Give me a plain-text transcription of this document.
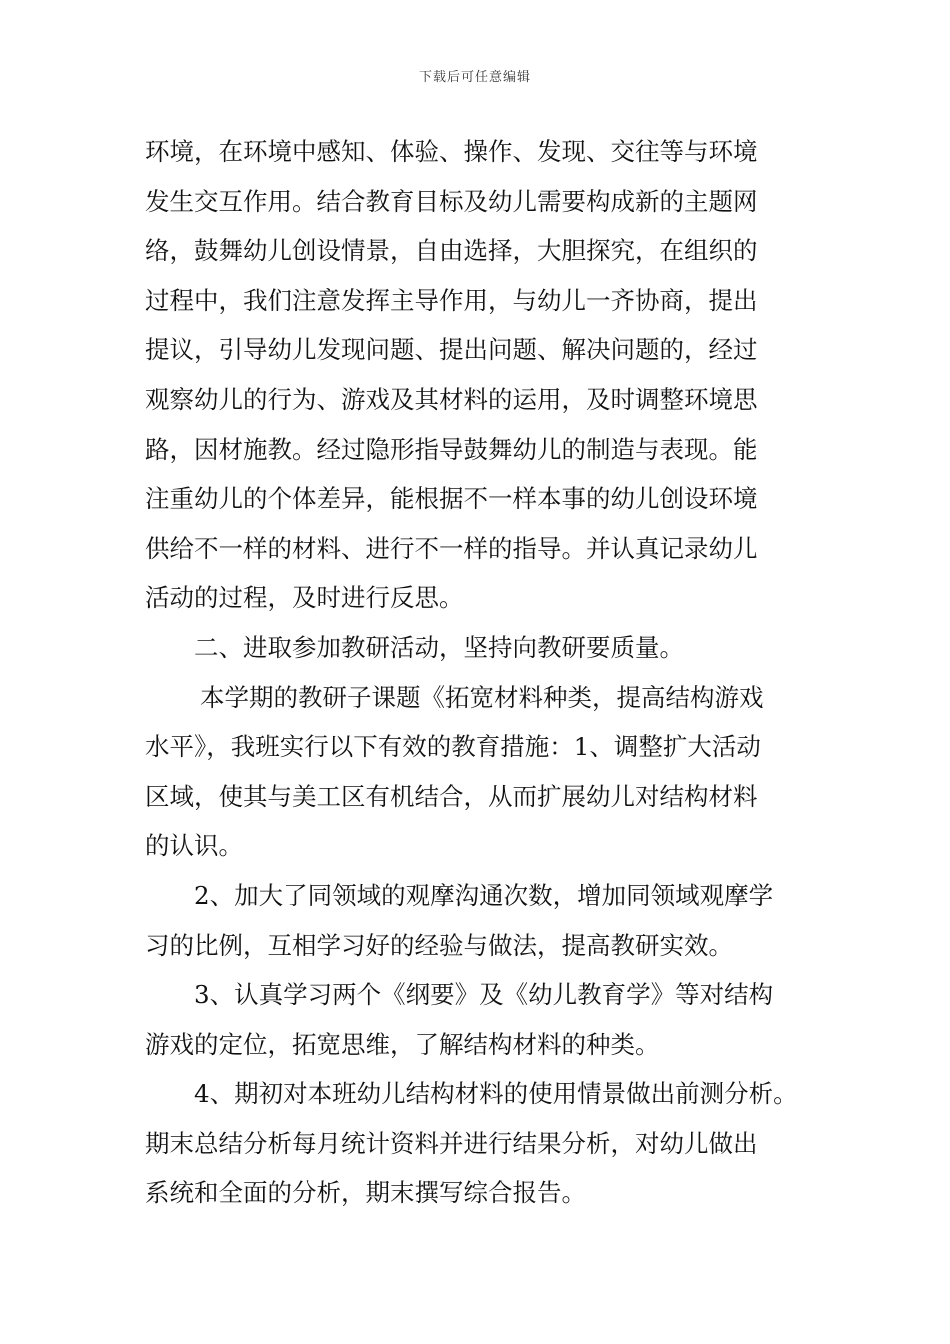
下载后可任意编辑
环境，在环境中感知、体验、操作、发现、交往等与环境
发生交互作用。结合教育目标及幼儿需要构成新的主题网
络，鼓舞幼儿创设情景，自由选择，大胆探究，在组织的
过程中，我们注意发挥主导作用，与幼儿一齐协商，提出
提议，引导幼儿发现问题、提出问题、解决问题的，经过
观察幼儿的行为、游戏及其材料的运用，及时调整环境思
路，因材施教。经过隐形指导鼓舞幼儿的制造与表现。能
注重幼儿的个体差异，能根据不一样本事的幼儿创设环境
供给不一样的材料、进行不一样的指导。并认真记录幼儿
活动的过程，及时进行反思。
二、进取参加教研活动，坚持向教研要质量。
本学期的教研子课题《拓宽材料种类，提高结构游戏
水平》，我班实行以下有效的教育措施：1、调整扩大活动
区域，使其与美工区有机结合，从而扩展幼儿对结构材料
的认识。
2、加大了同领域的观摩沟通次数，增加同领域观摩学
习的比例，互相学习好的经验与做法，提高教研实效。
3、认真学习两个《纲要》及《幼儿教育学》等对结构
游戏的定位，拓宽思维，了解结构材料的种类。
4、期初对本班幼儿结构材料的使用情景做出前测分析。
期末总结分析每月统计资料并进行结果分析，对幼儿做出
系统和全面的分析，期末撰写综合报告。
